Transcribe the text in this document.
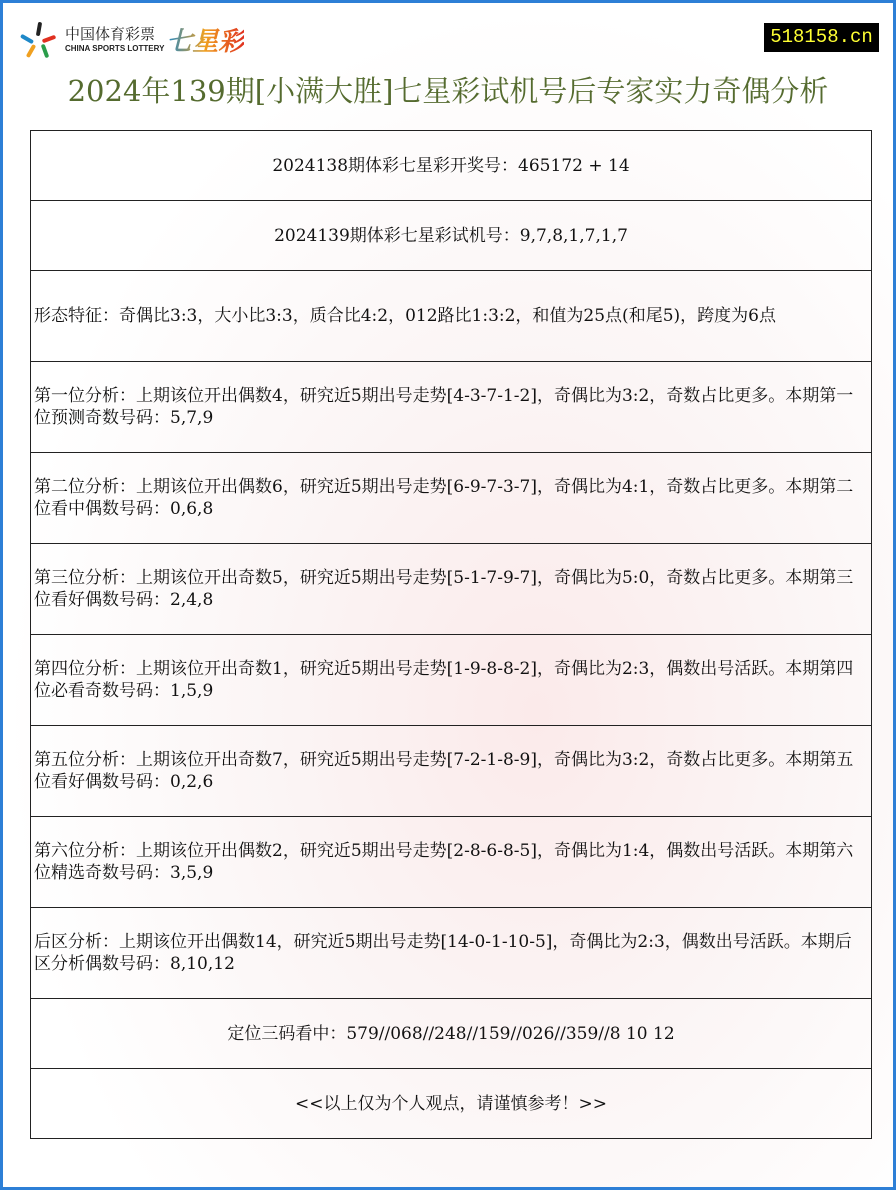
中国体育彩票
CHINA SPORTS LOTTERY 七星彩	518158.cn
2024年139期[小满大胜]七星彩试机号后专家实力奇偶分析
2024138期体彩七星彩开奖号：465172 + 14
2024139期体彩七星彩试机号：9,7,8,1,7,1,7
形态特征：奇偶比3:3，大小比3:3，质合比4:2，012路比1:3:2，和值为25点(和尾5)，跨度为6点
第一位分析：上期该位开出偶数4，研究近5期出号走势[4-3-7-1-2]，奇偶比为3:2，奇数占比更多。本期第一位预测奇数号码：5,7,9
第二位分析：上期该位开出偶数6，研究近5期出号走势[6-9-7-3-7]，奇偶比为4:1，奇数占比更多。本期第二位看中偶数号码：0,6,8
第三位分析：上期该位开出奇数5，研究近5期出号走势[5-1-7-9-7]，奇偶比为5:0，奇数占比更多。本期第三位看好偶数号码：2,4,8
第四位分析：上期该位开出奇数1，研究近5期出号走势[1-9-8-8-2]，奇偶比为2:3，偶数出号活跃。本期第四位必看奇数号码：1,5,9
第五位分析：上期该位开出奇数7，研究近5期出号走势[7-2-1-8-9]，奇偶比为3:2，奇数占比更多。本期第五位看好偶数号码：0,2,6
第六位分析：上期该位开出偶数2，研究近5期出号走势[2-8-6-8-5]，奇偶比为1:4，偶数出号活跃。本期第六位精选奇数号码：3,5,9
后区分析：上期该位开出偶数14，研究近5期出号走势[14-0-1-10-5]，奇偶比为2:3，偶数出号活跃。本期后区分析偶数号码：8,10,12
定位三码看中：579//068//248//159//026//359//8 10 12
<<以上仅为个人观点，请谨慎参考！>>
